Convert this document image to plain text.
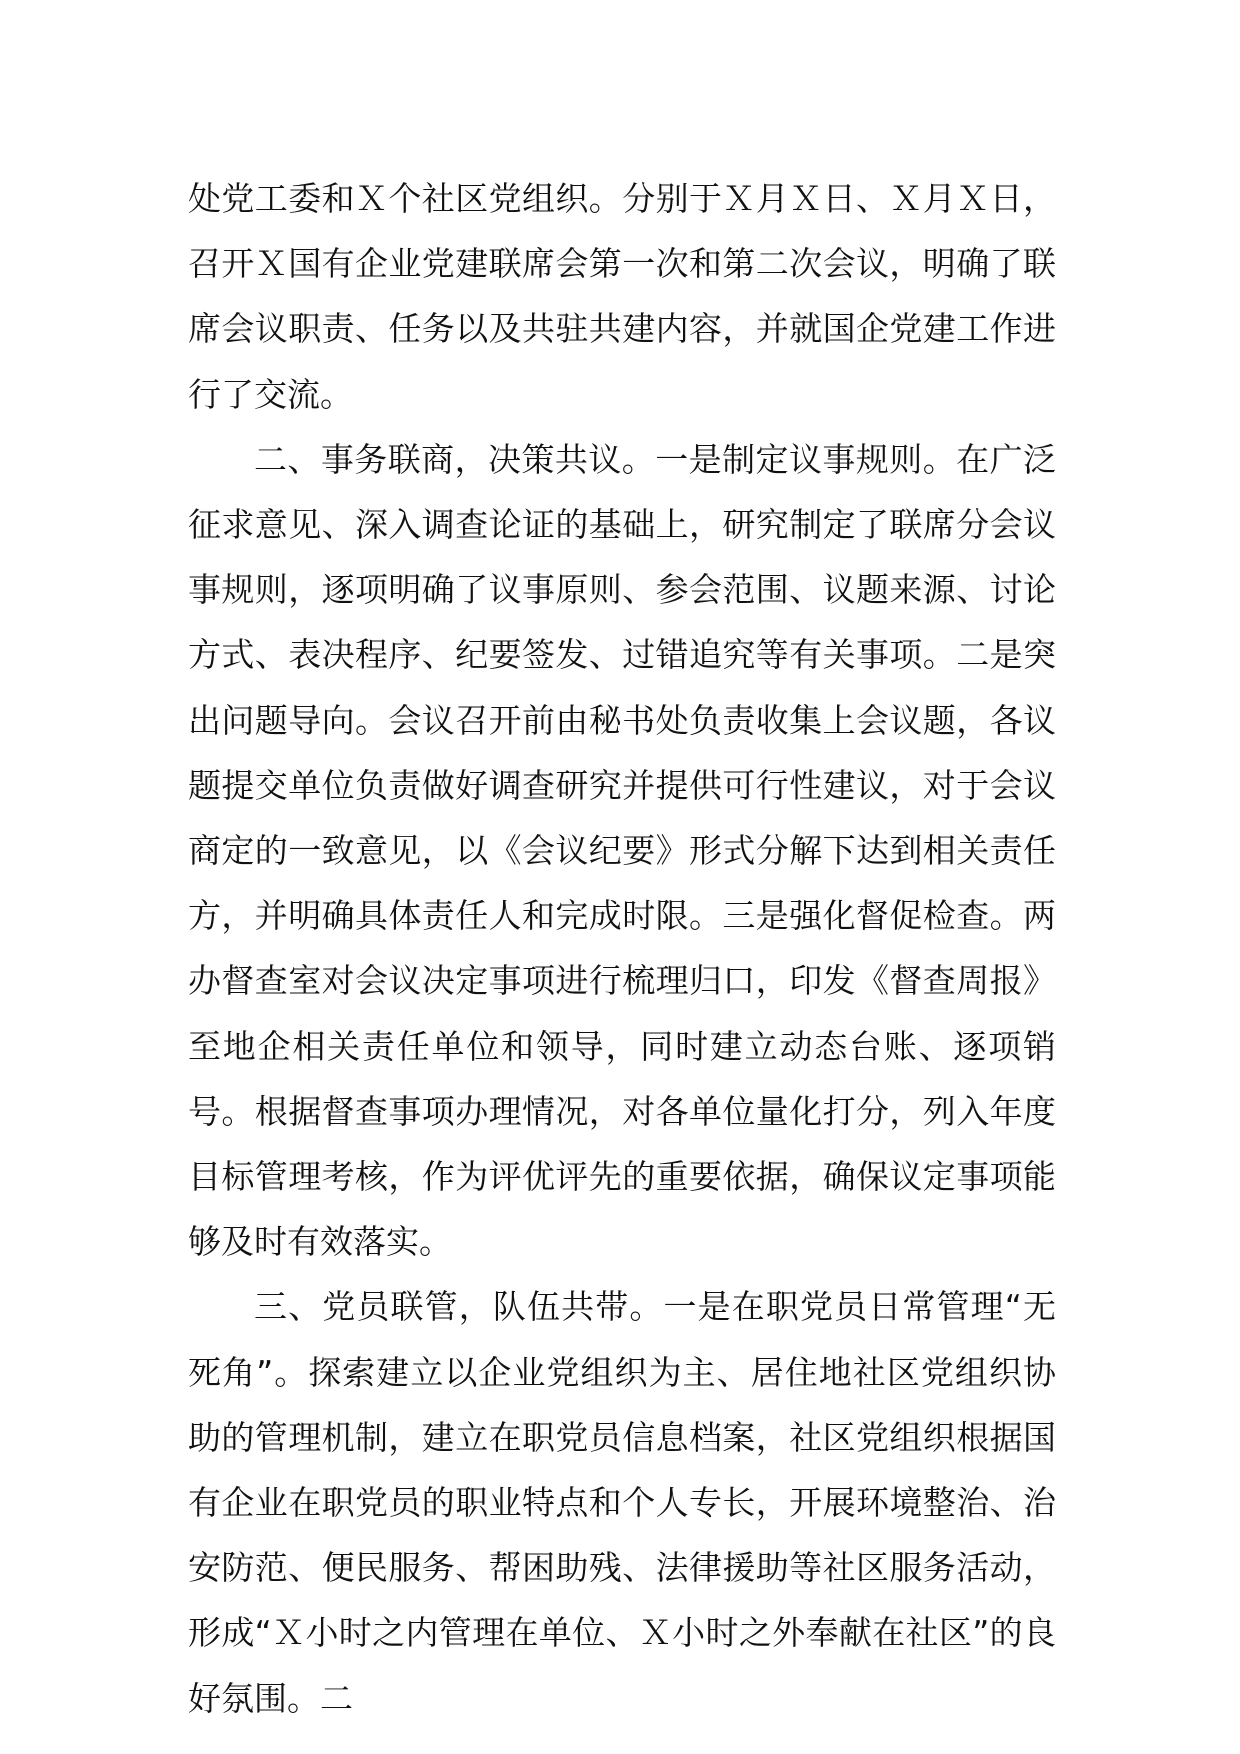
处党工委和Ｘ个社区党组织。分别于Ｘ月Ｘ日、Ｘ月Ｘ日，召开Ｘ国有企业党建联席会第一次和第二次会议，明确了联席会议职责、任务以及共驻共建内容，并就国企党建工作进行了交流。

二、事务联商，决策共议。一是制定议事规则。在广泛征求意见、深入调查论证的基础上，研究制定了联席分会议事规则，逐项明确了议事原则、参会范围、议题来源、讨论方式、表决程序、纪要签发、过错追究等有关事项。二是突出问题导向。会议召开前由秘书处负责收集上会议题，各议题提交单位负责做好调查研究并提供可行性建议，对于会议商定的一致意见，以《会议纪要》形式分解下达到相关责任方，并明确具体责任人和完成时限。三是强化督促检查。两办督查室对会议决定事项进行梳理归口，印发《督查周报》至地企相关责任单位和领导，同时建立动态台账、逐项销号。根据督查事项办理情况，对各单位量化打分，列入年度目标管理考核，作为评优评先的重要依据，确保议定事项能够及时有效落实。

三、党员联管，队伍共带。一是在职党员日常管理“无死角”。探索建立以企业党组织为主、居住地社区党组织协助的管理机制，建立在职党员信息档案，社区党组织根据国有企业在职党员的职业特点和个人专长，开展环境整治、治安防范、便民服务、帮困助残、法律援助等社区服务活动，形成“Ｘ小时之内管理在单位、Ｘ小时之外奉献在社区”的良好氛围。二
